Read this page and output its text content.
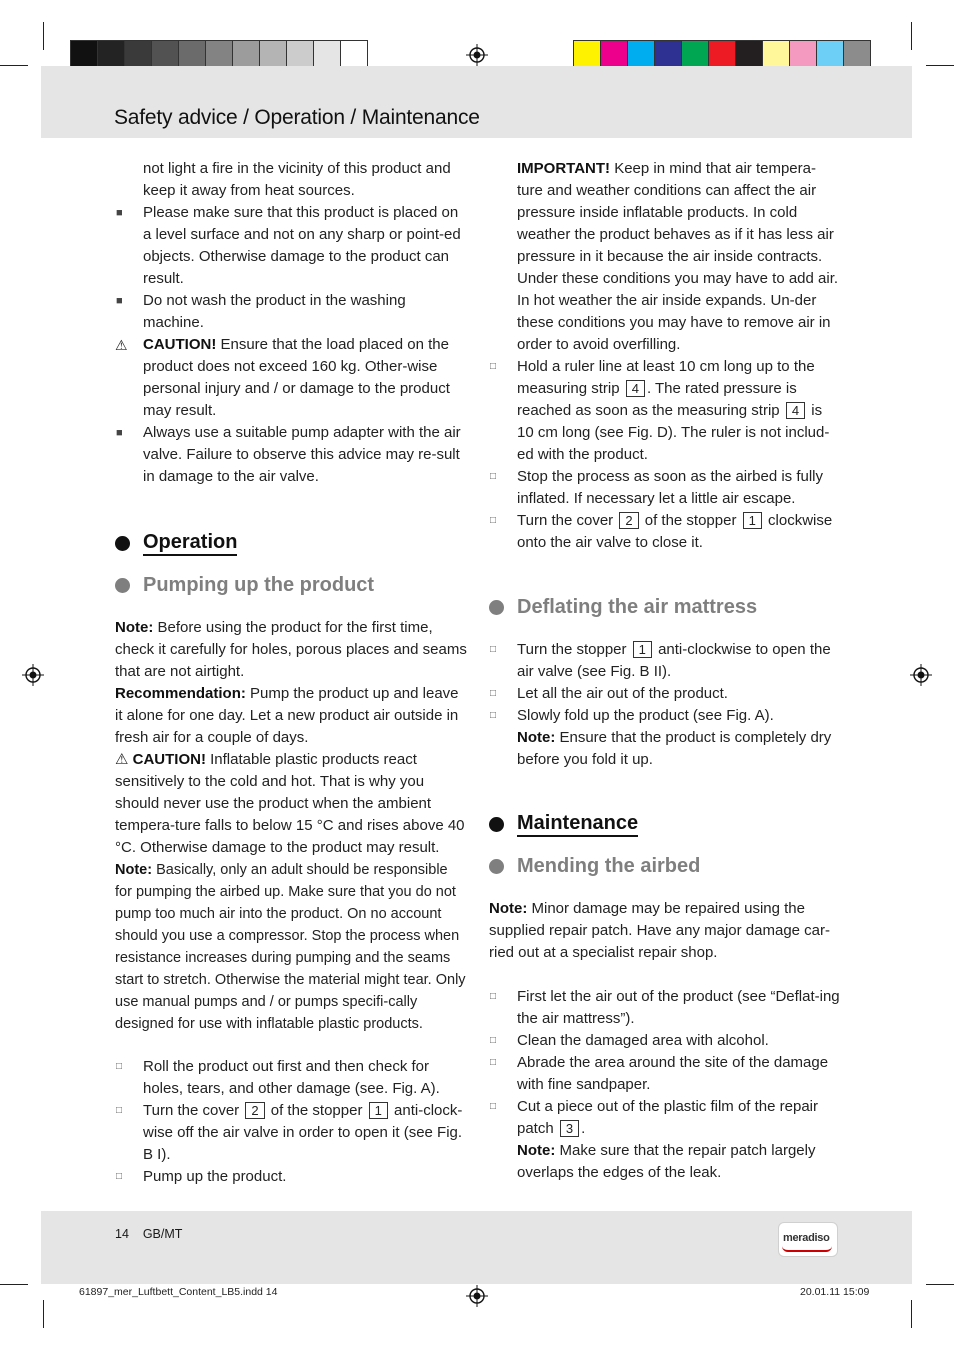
Safety advice / Operation / Maintenance
not light a fire in the vicinity of this product and keep it away from heat sources.
■ Please make sure that this product is placed on a level surface and not on any sharp or point-ed objects. Otherwise damage to the product can result.
■ Do not wash the product in the washing machine.
⚠ CAUTION! Ensure that the load placed on the product does not exceed 160 kg. Other-wise personal injury and / or damage to the product may result.
■ Always use a suitable pump adapter with the air valve. Failure to observe this advice may re-sult in damage to the air valve.
Operation
Pumping up the product
Note: Before using the product for the first time, check it carefully for holes, porous places and seams that are not airtight.
Recommendation: Pump the product up and leave it alone for one day. Let a new product air outside in fresh air for a couple of days.
⚠ CAUTION! Inflatable plastic products react sensitively to the cold and hot. That is why you should never use the product when the ambient tempera-ture falls to below 15 °C and rises above 40 °C. Otherwise damage to the product may result.
Note: Basically, only an adult should be responsible for pumping the airbed up. Make sure that you do not pump too much air into the product. On no account should you use a compressor. Stop the process when resistance increases during pumping and the seams start to stretch. Otherwise the material might tear. Only use manual pumps and / or pumps specifi-cally designed for use with inflatable plastic products.
□ Roll the product out first and then check for holes, tears, and other damage (see. Fig. A).
□ Turn the cover 2 of the stopper 1 anti-clock-wise off the air valve in order to open it (see Fig. B I).
□ Pump up the product.
IMPORTANT! Keep in mind that air tempera-ture and weather conditions can affect the air pressure inside inflatable products. In cold weather the product behaves as if it has less air pressure in it because the air inside contracts. Under these conditions you may have to add air. In hot weather the air inside expands. Un-der these conditions you may have to remove air in order to avoid overfilling.
□ Hold a ruler line at least 10 cm long up to the measuring strip 4 . The rated pressure is reached as soon as the measuring strip 4 is 10 cm long (see Fig. D). The ruler is not includ-ed with the product.
□ Stop the process as soon as the airbed is fully inflated. If necessary let a little air escape.
□ Turn the cover 2 of the stopper 1 clockwise onto the air valve to close it.
Deflating the air mattress
□ Turn the stopper 1 anti-clockwise to open the air valve (see Fig. B II).
□ Let all the air out of the product.
□ Slowly fold up the product (see Fig. A).
Note: Ensure that the product is completely dry before you fold it up.
Maintenance
Mending the airbed
Note: Minor damage may be repaired using the supplied repair patch. Have any major damage car-ried out at a specialist repair shop.
□ First let the air out of the product (see “Deflat-ing the air mattress”).
□ Clean the damaged area with alcohol.
□ Abrade the area around the site of the damage with fine sandpaper.
□ Cut a piece out of the plastic film of the repair patch 3 .
Note: Make sure that the repair patch largely overlaps the edges of the leak.
14 GB/MT	meradiso
61897_mer_Luftbett_Content_LB5.indd 14	20.01.11 15:09
